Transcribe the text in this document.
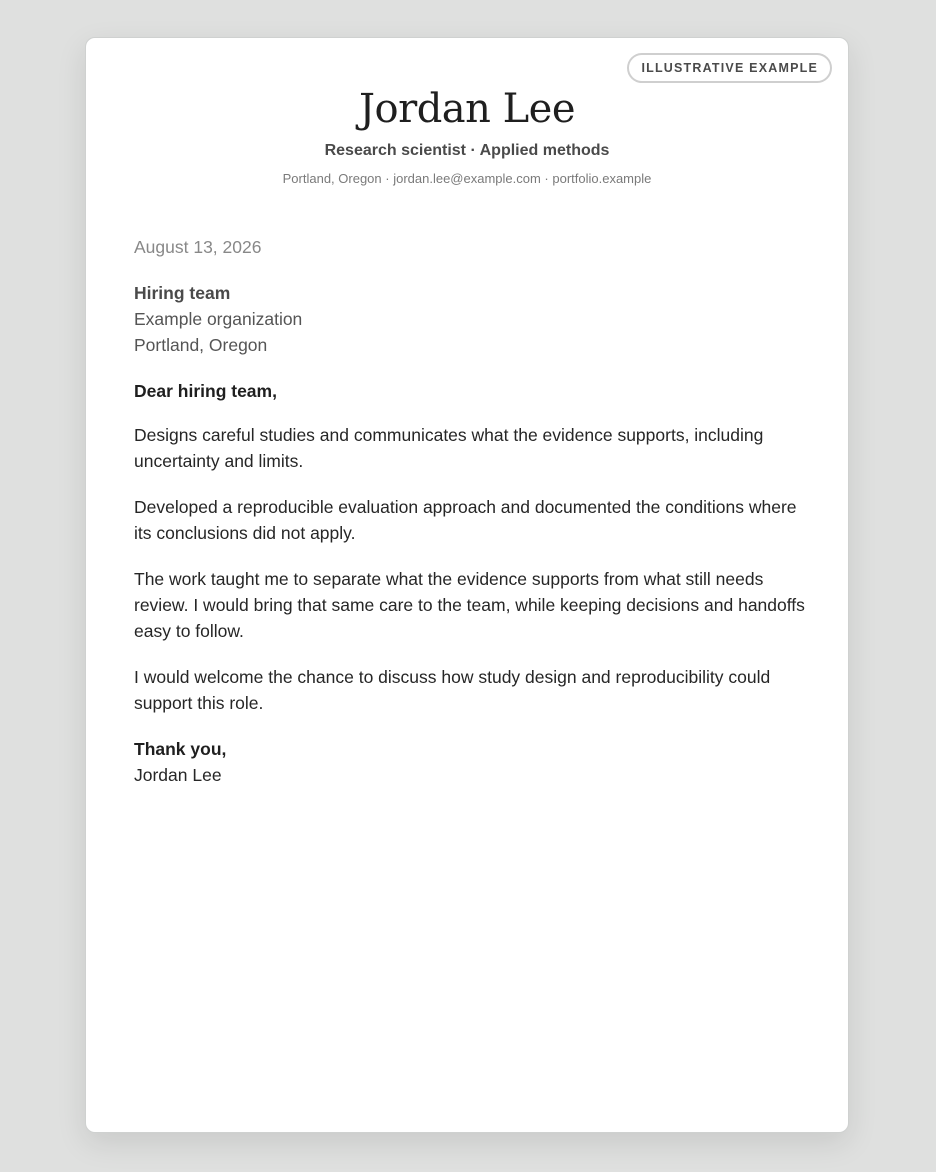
ILLUSTRATIVE EXAMPLE
Jordan Lee
Research scientist · Applied methods
Portland, Oregon · jordan.lee@example.com · portfolio.example
August 13, 2026
Hiring team
Example organization
Portland, Oregon
Dear hiring team,

Designs careful studies and communicates what the evidence supports, including uncertainty and limits.

Developed a reproducible evaluation approach and documented the conditions where its conclusions did not apply.

The work taught me to separate what the evidence supports from what still needs review. I would bring that same care to the team, while keeping decisions and handoffs easy to follow.

I would welcome the chance to discuss how study design and reproducibility could support this role.

Thank you,
Jordan Lee
